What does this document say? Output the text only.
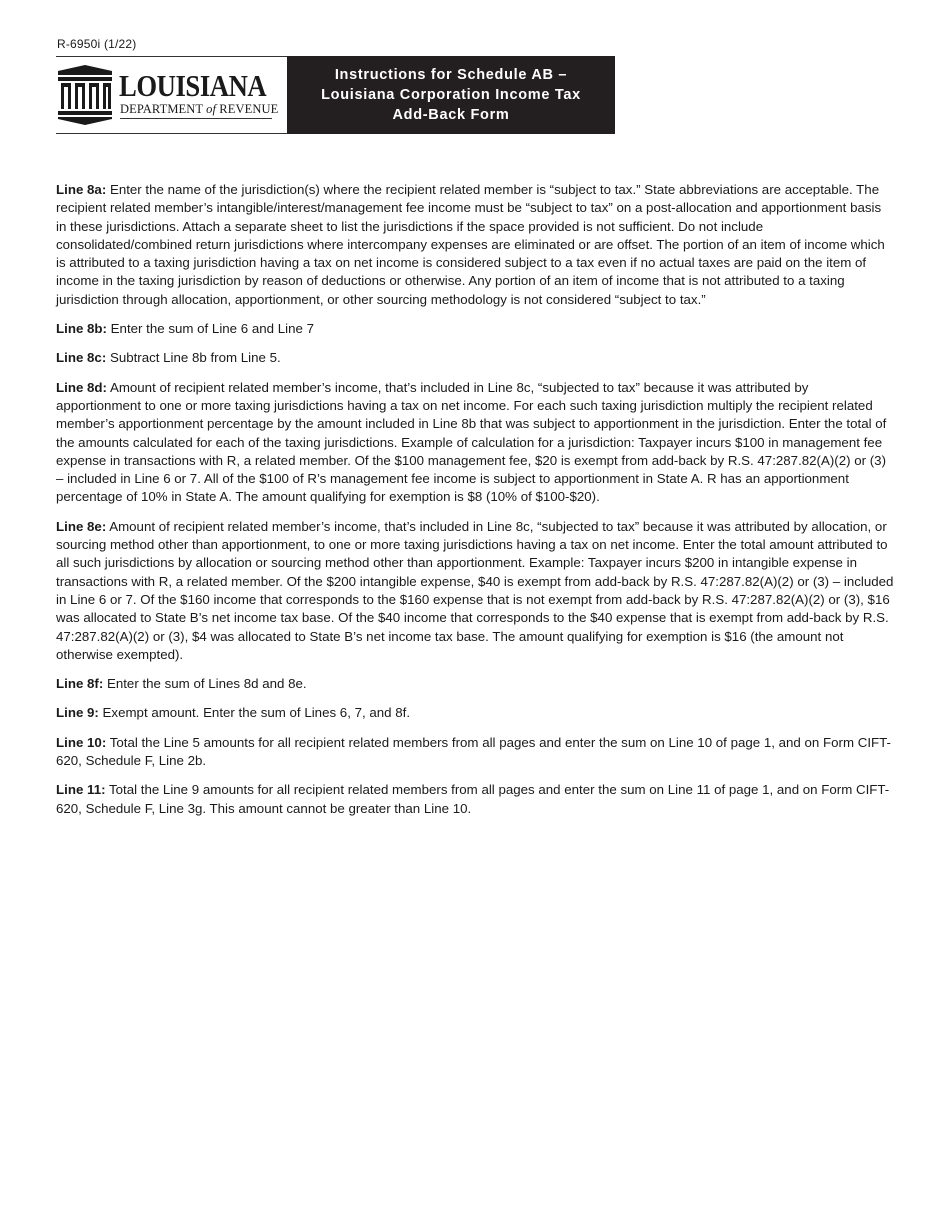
R-6950i (1/22)
LOUISIANA
DEPARTMENT of REVENUE
Instructions for Schedule AB –
Louisiana Corporation Income Tax
Add-Back Form

Line 8a: Enter the name of the jurisdiction(s) where the recipient related member is “subject to tax.” State abbreviations are acceptable. The recipient related member’s intangible/interest/management fee income must be “subject to tax” on a post-allocation and apportionment basis in these jurisdictions. Attach a separate sheet to list the jurisdictions if the space provided is not sufficient. Do not include consolidated/combined return jurisdictions where intercompany expenses are eliminated or are offset. The portion of an item of income which is attributed to a taxing jurisdiction having a tax on net income is considered subject to a tax even if no actual taxes are paid on the item of income in the taxing jurisdiction by reason of deductions or otherwise. Any portion of an item of income that is not attributed to a taxing jurisdiction through allocation, apportionment, or other sourcing methodology is not considered “subject to tax.”

Line 8b: Enter the sum of Line 6 and Line 7

Line 8c: Subtract Line 8b from Line 5.

Line 8d: Amount of recipient related member’s income, that’s included in Line 8c, “subjected to tax” because it was attributed by apportionment to one or more taxing jurisdictions having a tax on net income. For each such taxing jurisdiction multiply the recipient related member’s apportionment percentage by the amount included in Line 8b that was subject to apportionment in the jurisdiction. Enter the total of the amounts calculated for each of the taxing jurisdictions. Example of calculation for a jurisdiction: Taxpayer incurs $100 in management fee expense in transactions with R, a related member. Of the $100 management fee, $20 is exempt from add-back by R.S. 47:287.82(A)(2) or (3) – included in Line 6 or 7. All of the $100 of R’s management fee income is subject to apportionment in State A. R has an apportionment percentage of 10% in State A. The amount qualifying for exemption is $8 (10% of $100-$20).

Line 8e: Amount of recipient related member’s income, that’s included in Line 8c, “subjected to tax” because it was attributed by allocation, or sourcing method other than apportionment, to one or more taxing jurisdictions having a tax on net income. Enter the total amount attributed to all such jurisdictions by allocation or sourcing method other than apportionment. Example: Taxpayer incurs $200 in intangible expense in transactions with R, a related member. Of the $200 intangible expense, $40 is exempt from add-back by R.S. 47:287.82(A)(2) or (3) – included in Line 6 or 7. Of the $160 income that corresponds to the $160 expense that is not exempt from add-back by R.S. 47:287.82(A)(2) or (3), $16 was allocated to State B’s net income tax base. Of the $40 income that corresponds to the $40 expense that is exempt from add-back by R.S. 47:287.82(A)(2) or (3), $4 was allocated to State B’s net income tax base. The amount qualifying for exemption is $16 (the amount not otherwise exempted).

Line 8f: Enter the sum of Lines 8d and 8e.

Line 9: Exempt amount. Enter the sum of Lines 6, 7, and 8f.

Line 10: Total the Line 5 amounts for all recipient related members from all pages and enter the sum on Line 10 of page 1, and on Form CIFT-620, Schedule F, Line 2b.

Line 11: Total the Line 9 amounts for all recipient related members from all pages and enter the sum on Line 11 of page 1, and on Form CIFT-620, Schedule F, Line 3g. This amount cannot be greater than Line 10.
